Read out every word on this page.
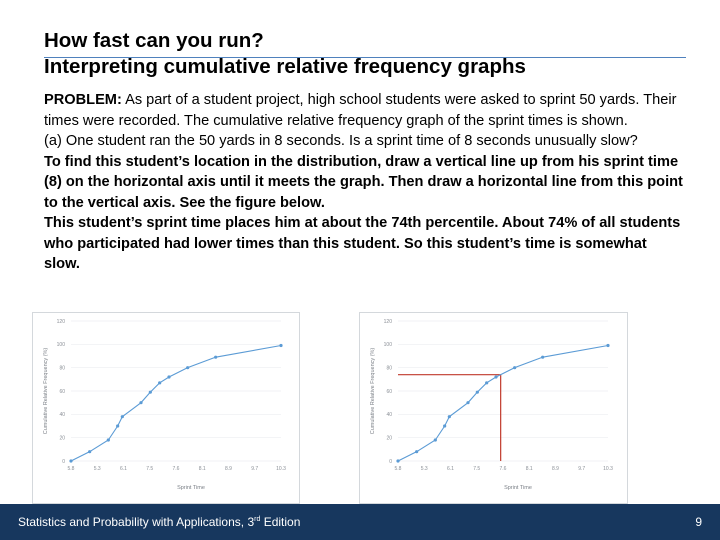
How fast can you run?
Interpreting cumulative relative frequency graphs

PROBLEM: As part of a student project, high school students were asked to sprint 50 yards. Their times were recorded. The cumulative relative frequency graph of the sprint times is shown.

(a) One student ran the 50 yards in 8 seconds. Is a sprint time of 8 seconds unusually slow?

To find this student’s location in the distribution, draw a vertical line up from his sprint time (8) on the horizontal axis until it meets the graph. Then draw a horizontal line from this point to the vertical axis. See the figure below.

This student’s sprint time places him at about the 74th percentile. About 74% of all students who participated had lower times than this student. So this student’s time is somewhat slow.

0
20
40
60
80
100
120
5.8	5.3	6.1	7.5	7.6	8.1	8.9	9.7	10.3
Sprint Time
Cumulative Relative Frequency (%)
0
20
40
60
80
100
120
5.8	5.3	6.1	7.5	7.6	8.1	8.9	9.7	10.3
Sprint Time
Cumulative Relative Frequency (%)
Statistics and Probability with Applications, 3rd Edition	9
